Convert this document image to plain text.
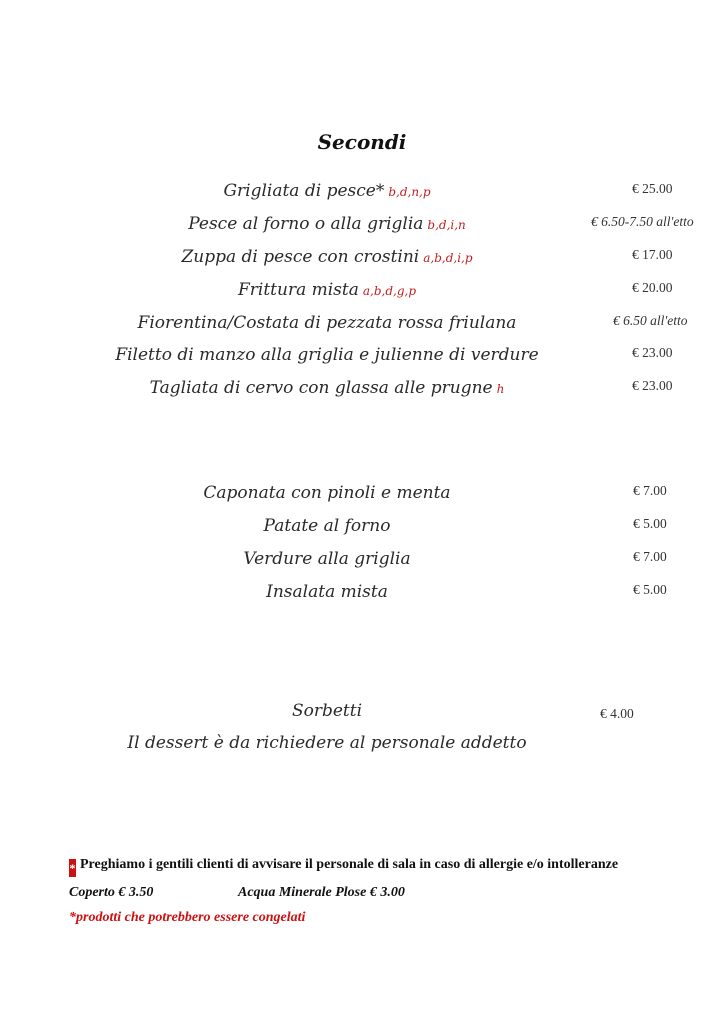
Secondi
Grigliata di pesce* b,d,n,p	€ 25.00
Pesce al forno o alla griglia b,d,i,n	€ 6.50-7.50 all'etto
Zuppa di pesce con crostini a,b,d,i,p	€ 17.00
Frittura mista a,b,d,g,p	€ 20.00
Fiorentina/Costata di pezzata rossa friulana	€ 6.50 all'etto
Filetto di manzo alla griglia e julienne di verdure	€ 23.00
Tagliata di cervo con glassa alle prugne h	€ 23.00
Caponata con pinoli e menta	€ 7.00
Patate al forno	€ 5.00
Verdure alla griglia	€ 7.00
Insalata mista	€ 5.00
Sorbetti	€ 4.00
Il dessert è da richiedere al personale addetto
* Preghiamo i gentili clienti di avvisare il personale di sala in caso di allergie e/o intolleranze
Coperto € 3.50	Acqua Minerale Plose € 3.00
*prodotti che potrebbero essere congelati
